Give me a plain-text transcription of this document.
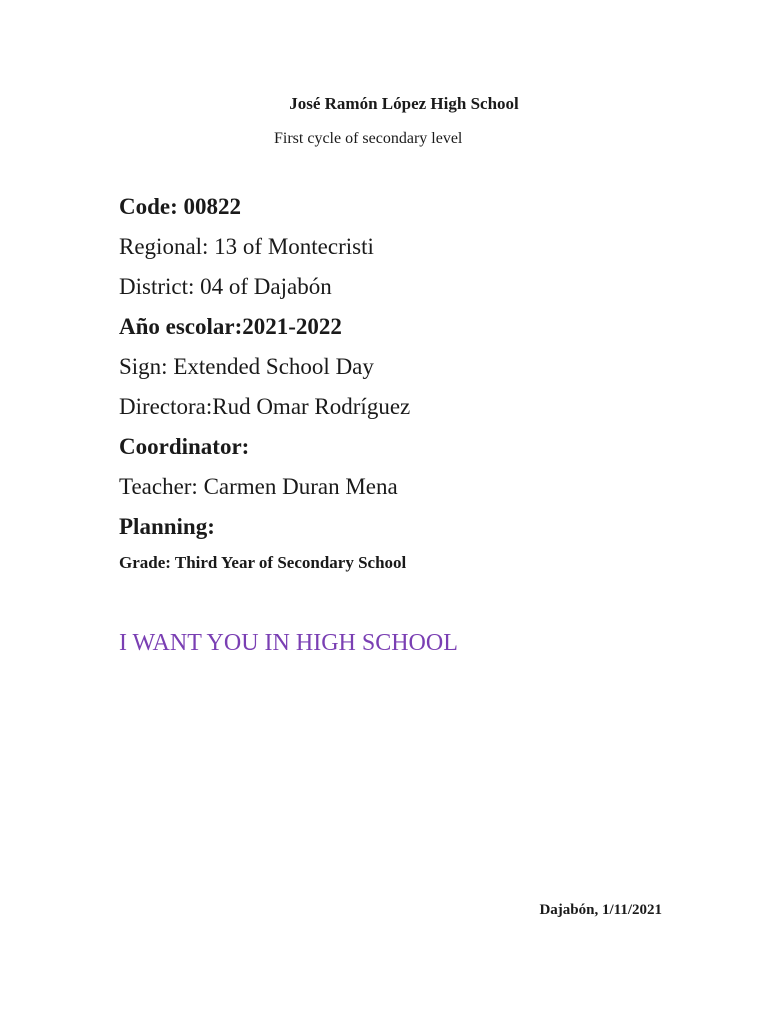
José Ramón López High School
First cycle of secondary level
Code: 00822
Regional: 13 of Montecristi
District: 04 of Dajabón
Año escolar:2021-2022
Sign: Extended School Day
Directora:Rud Omar Rodríguez
Coordinator:
Teacher: Carmen Duran Mena
Planning:
Grade: Third Year of Secondary School
I WANT YOU IN HIGH SCHOOL
Dajabón, 1/11/2021
